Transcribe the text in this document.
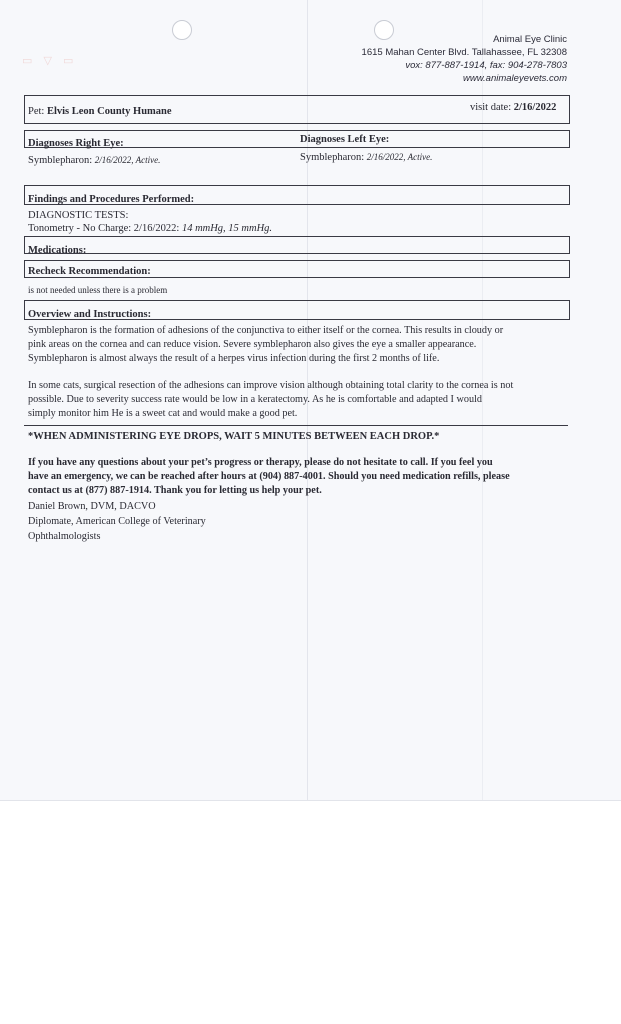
▭ ▽ ▭
Animal Eye Clinic
1615 Mahan Center Blvd. Tallahassee, FL 32308
vox: 877-887-1914, fax: 904-278-7803
www.animaleyevets.com
Pet: Elvis Leon County Humane	visit date: 2/16/2022
Diagnoses Right Eye:	Diagnoses Left Eye:
Symblepharon: 2/16/2022, Active.	Symblepharon: 2/16/2022, Active.
Findings and Procedures Performed:
DIAGNOSTIC TESTS:
Tonometry - No Charge: 2/16/2022: 14 mmHg, 15 mmHg.
Medications:
Recheck Recommendation:
is not needed unless there is a problem
Overview and Instructions:
Symblepharon is the formation of adhesions of the conjunctiva to either itself or the cornea. This results in cloudy or
pink areas on the cornea and can reduce vision. Severe symblepharon also gives the eye a smaller appearance.
Symblepharon is almost always the result of a herpes virus infection during the first 2 months of life.
In some cats, surgical resection of the adhesions can improve vision although obtaining total clarity to the cornea is not
possible. Due to severity success rate would be low in a keratectomy. As he is comfortable and adapted I would
simply monitor him He is a sweet cat and would make a good pet.
*WHEN ADMINISTERING EYE DROPS, WAIT 5 MINUTES BETWEEN EACH DROP.*
If you have any questions about your pet’s progress or therapy, please do not hesitate to call. If you feel you
have an emergency, we can be reached after hours at (904) 887-4001. Should you need medication refills, please
contact us at (877) 887-1914. Thank you for letting us help your pet.
Daniel Brown, DVM, DACVO
Diplomate, American College of Veterinary
Ophthalmologists
